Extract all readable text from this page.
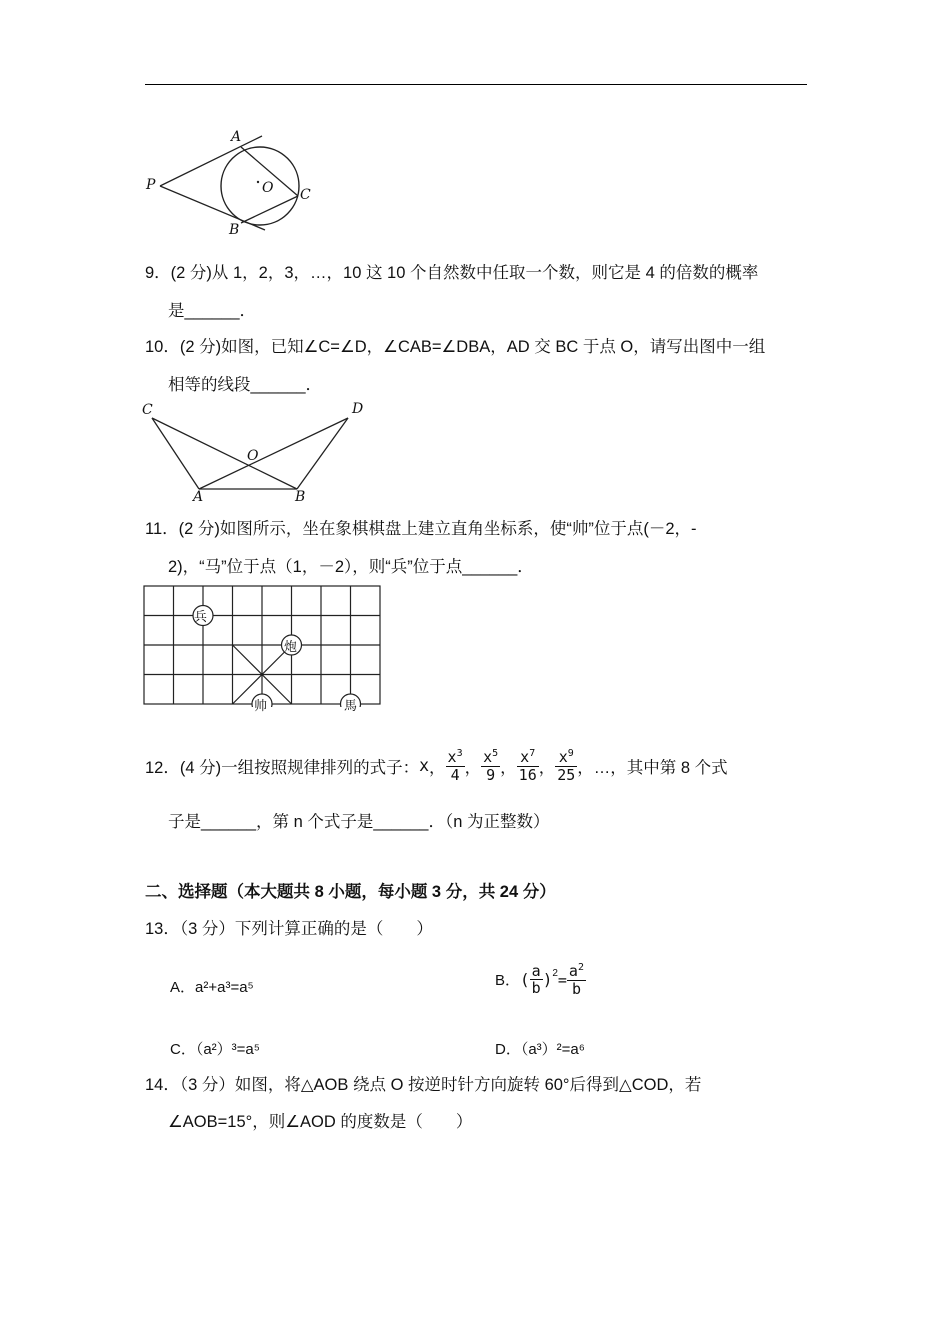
A
B
C
O
P
9．(2 分)从 1，2，3，…，10 这 10 个自然数中任取一个数，则它是 4 的倍数的概率
是______．
10．(2 分)如图，已知∠C=∠D，∠CAB=∠DBA，AD 交 BC 于点 O，请写出图中一组
相等的线段______．
C	D
O
A	B
11．(2 分)如图所示，坐在象棋棋盘上建立直角坐标系，使“帅”位于点(－2，-
2)，“马”位于点（1，－2），则“兵”位于点______．
兵
炮
帅	馬
12．(4 分)一组按照规律排列的式子： x ， $\frac{x^3}{4}$ ， $\frac{x^5}{9}$ ， $\frac{x^7}{16}$ ， $\frac{x^9}{25}$ ，…，其中第 8 个式
子是______，第 n 个式子是______．（n 为正整数）
二、选择题（本大题共 8 小题，每小题 3 分，共 24 分）
13．（3 分）下列计算正确的是（　　）
A．a²+a³=a⁵	B． ( $\frac{a}{b} )^2 = \frac{a^2}{b}$
C．（a²）³=a⁵	D．（a³）²=a⁶
14．（3 分）如图，将△AOB 绕点 O 按逆时针方向旋转 60°后得到△COD，若
∠AOB=15°，则∠AOD 的度数是（　　）
